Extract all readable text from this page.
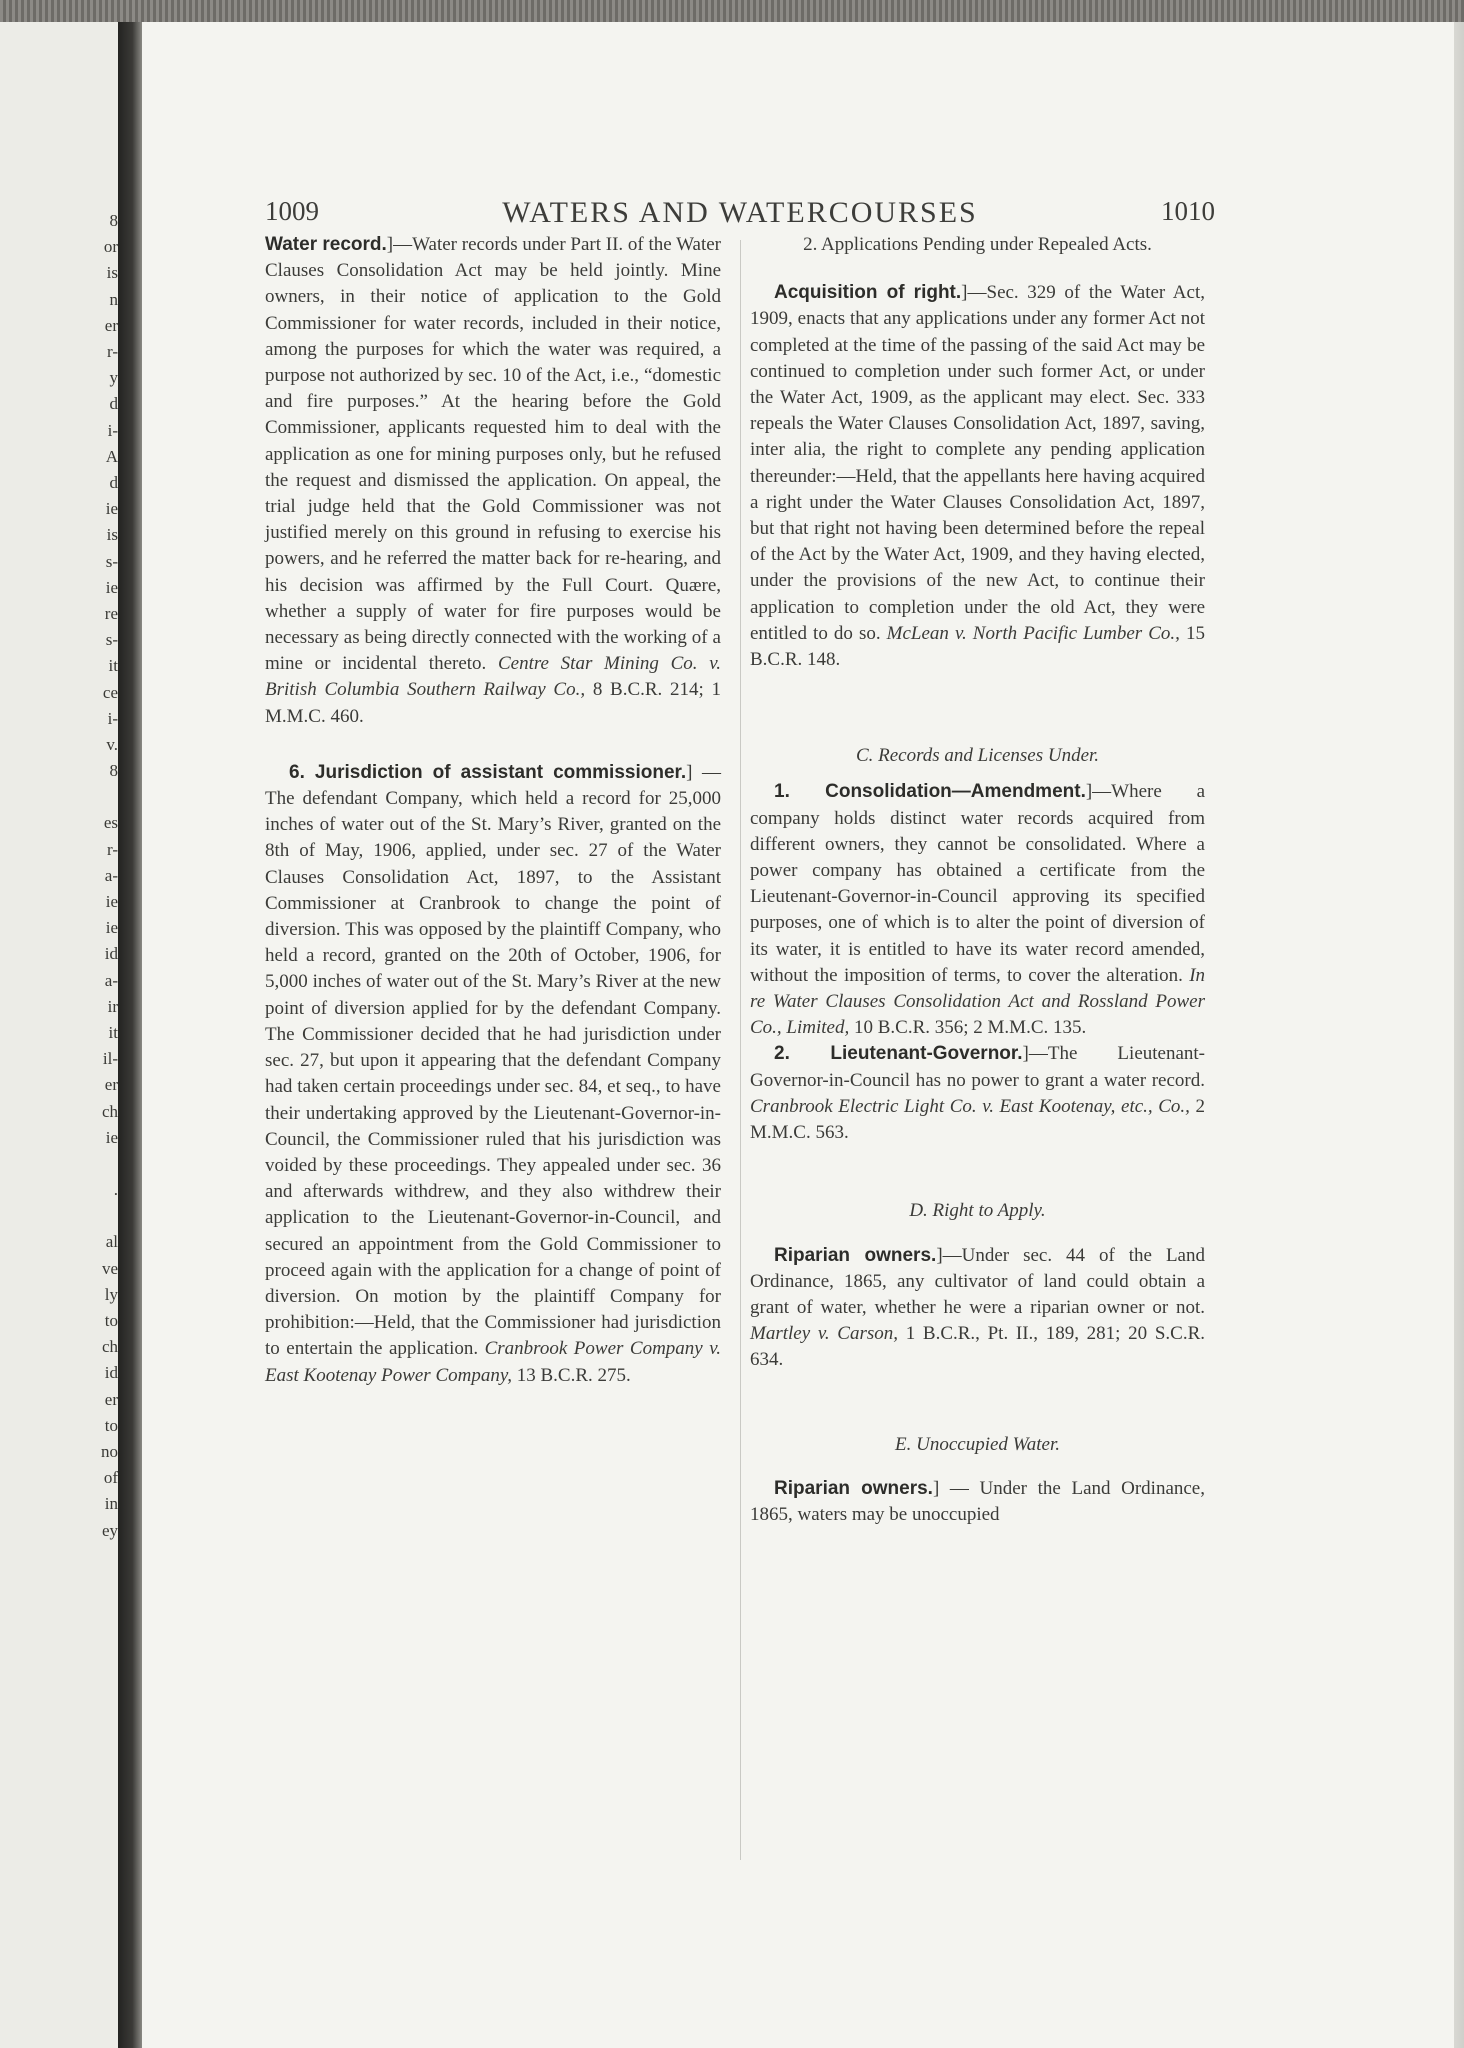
8
or
is
n
er
r-
y
d
i-
A
d
ie
is
s-
ie
re
s-
it
ce
i-
v.
8
es
r-
a-
ie
ie
id
a-
ir
it
il-
er
ch
ie
.
al
ve
ly
to
ch
id
er
to
no
of
in
ey
1009	WATERS AND WATERCOURSES	1010

Water record.]—Water records under Part II. of the Water Clauses Consolidation Act may be held jointly. Mine owners, in their notice of application to the Gold Commissioner for water records, included in their notice, among the purposes for which the water was required, a purpose not authorized by sec. 10 of the Act, i.e., “domestic and fire purposes.” At the hearing before the Gold Commissioner, applicants requested him to deal with the application as one for mining purposes only, but he refused the request and dismissed the application. On appeal, the trial judge held that the Gold Commissioner was not justified merely on this ground in refusing to exercise his powers, and he referred the matter back for re-hearing, and his decision was affirmed by the Full Court. Quære, whether a supply of water for fire purposes would be necessary as being directly connected with the working of a mine or incidental thereto. Centre Star Mining Co. v. British Columbia Southern Railway Co., 8 B.C.R. 214; 1 M.M.C. 460.

6. Jurisdiction of assistant commissioner.] — The defendant Company, which held a record for 25,000 inches of water out of the St. Mary’s River, granted on the 8th of May, 1906, applied, under sec. 27 of the Water Clauses Consolidation Act, 1897, to the Assistant Commissioner at Cranbrook to change the point of diversion. This was opposed by the plaintiff Company, who held a record, granted on the 20th of October, 1906, for 5,000 inches of water out of the St. Mary’s River at the new point of diversion applied for by the defendant Company. The Commissioner decided that he had jurisdiction under sec. 27, but upon it appearing that the defendant Company had taken certain proceedings under sec. 84, et seq., to have their undertaking approved by the Lieutenant-Governor-in-Council, the Commissioner ruled that his jurisdiction was voided by these proceedings. They appealed under sec. 36 and afterwards withdrew, and they also withdrew their application to the Lieutenant-Governor-in-Council, and secured an appointment from the Gold Commissioner to proceed again with the application for a change of point of diversion. On motion by the plaintiff Company for prohibition:—Held, that the Commissioner had jurisdiction to entertain the application. Cranbrook Power Company v. East Kootenay Power Company, 13 B.C.R. 275.

2. Applications Pending under Repealed Acts.

Acquisition of right.]—Sec. 329 of the Water Act, 1909, enacts that any applications under any former Act not completed at the time of the passing of the said Act may be continued to completion under such former Act, or under the Water Act, 1909, as the applicant may elect. Sec. 333 repeals the Water Clauses Consolidation Act, 1897, saving, inter alia, the right to complete any pending application thereunder:—Held, that the appellants here having acquired a right under the Water Clauses Consolidation Act, 1897, but that right not having been determined before the repeal of the Act by the Water Act, 1909, and they having elected, under the provisions of the new Act, to continue their application to completion under the old Act, they were entitled to do so. McLean v. North Pacific Lumber Co., 15 B.C.R. 148.

C. Records and Licenses Under.

1. Consolidation—Amendment.]—Where a company holds distinct water records acquired from different owners, they cannot be consolidated. Where a power company has obtained a certificate from the Lieutenant-Governor-in-Council approving its specified purposes, one of which is to alter the point of diversion of its water, it is entitled to have its water record amended, without the imposition of terms, to cover the alteration. In re Water Clauses Consolidation Act and Rossland Power Co., Limited, 10 B.C.R. 356; 2 M.M.C. 135.

2. Lieutenant-Governor.]—The Lieutenant-Governor-in-Council has no power to grant a water record. Cranbrook Electric Light Co. v. East Kootenay, etc., Co., 2 M.M.C. 563.

D. Right to Apply.

Riparian owners.]—Under sec. 44 of the Land Ordinance, 1865, any cultivator of land could obtain a grant of water, whether he were a riparian owner or not. Martley v. Carson, 1 B.C.R., Pt. II., 189, 281; 20 S.C.R. 634.

E. Unoccupied Water.

Riparian owners.] — Under the Land Ordinance, 1865, waters may be unoccupied
